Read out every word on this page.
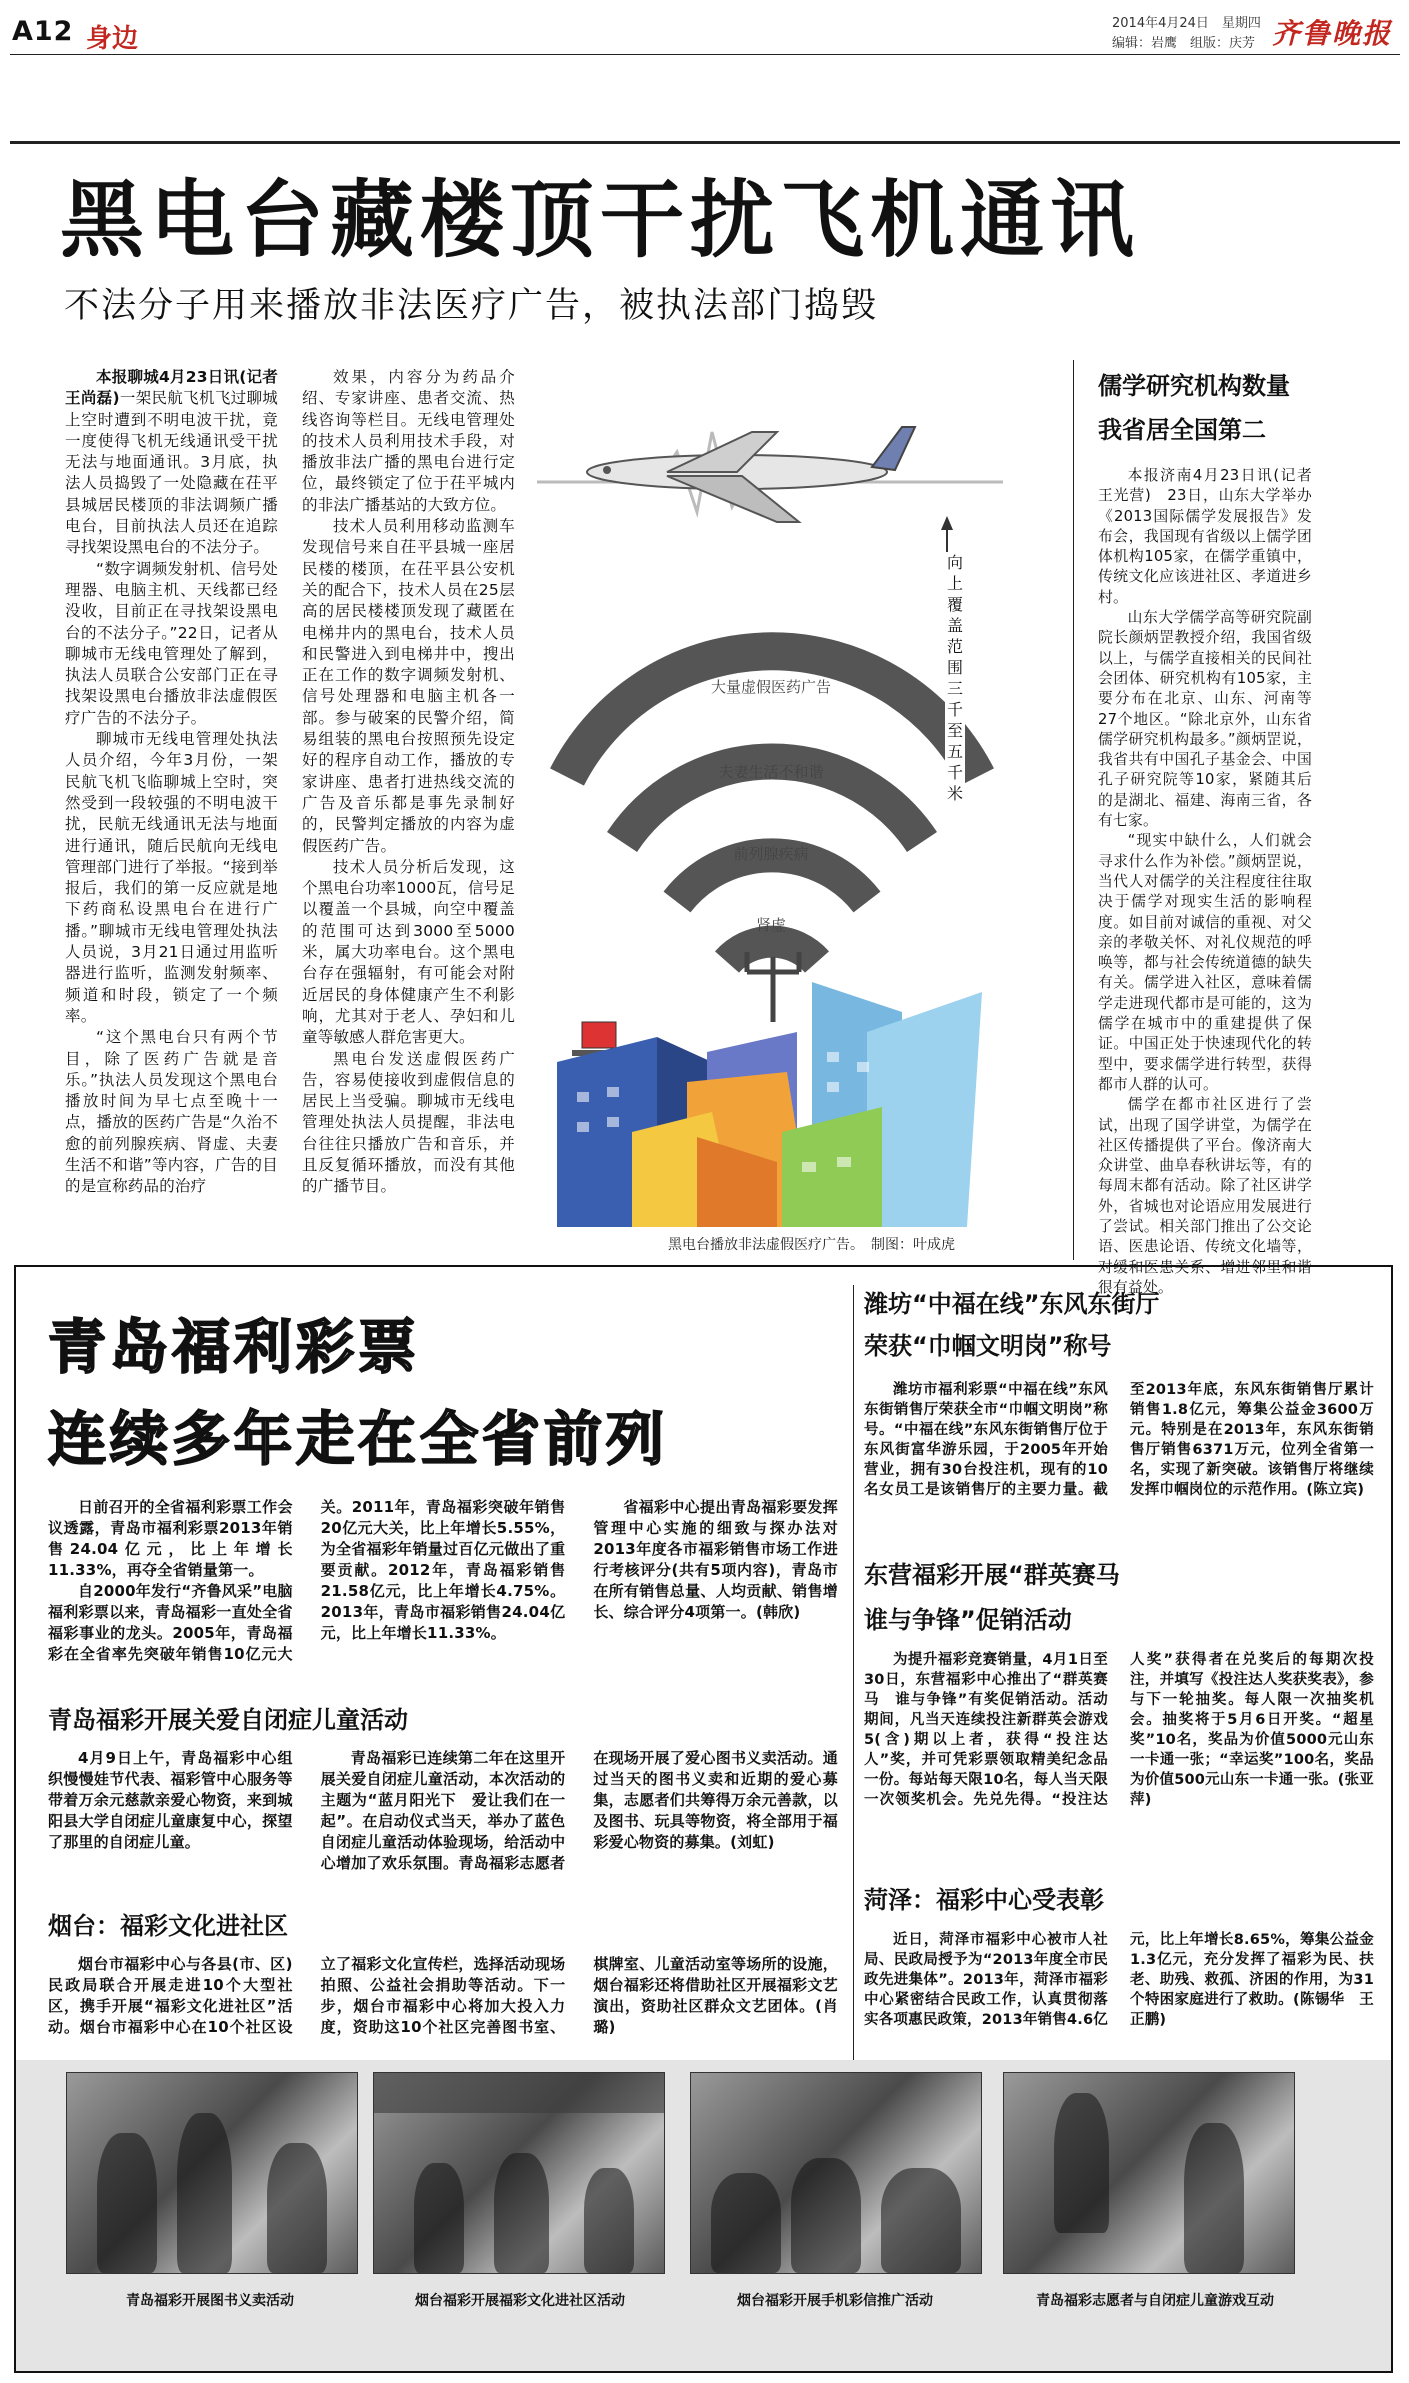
A12 身边
2014年4月24日　星期四
编辑：岩鹰　组版：庆芳 齐鲁晚报
黑电台藏楼顶干扰飞机通讯
不法分子用来播放非法医疗广告，被执法部门捣毁

本报聊城4月23日讯(记者　王尚磊)一架民航飞机飞过聊城上空时遭到不明电波干扰，竟一度使得飞机无线通讯受干扰无法与地面通讯。3月底，执法人员捣毁了一处隐藏在茌平县城居民楼顶的非法调频广播电台，目前执法人员还在追踪寻找架设黑电台的不法分子。

“数字调频发射机、信号处理器、电脑主机、天线都已经没收，目前正在寻找架设黑电台的不法分子。”22日，记者从聊城市无线电管理处了解到，执法人员联合公安部门正在寻找架设黑电台播放非法虚假医疗广告的不法分子。

聊城市无线电管理处执法人员介绍，今年3月份，一架民航飞机飞临聊城上空时，突然受到一段较强的不明电波干扰，民航无线通讯无法与地面进行通讯，随后民航向无线电管理部门进行了举报。“接到举报后，我们的第一反应就是地下药商私设黑电台在进行广播。”聊城市无线电管理处执法人员说，3月21日通过用监听器进行监听，监测发射频率、频道和时段，锁定了一个频率。

“这个黑电台只有两个节目，除了医药广告就是音乐。”执法人员发现这个黑电台播放时间为早七点至晚十一点，播放的医药广告是“久治不愈的前列腺疾病、肾虚、夫妻生活不和谐”等内容，广告的目的是宣称药品的治疗

效果，内容分为药品介绍、专家讲座、患者交流、热线咨询等栏目。无线电管理处的技术人员利用技术手段，对播放非法广播的黑电台进行定位，最终锁定了位于茌平城内的非法广播基站的大致方位。

技术人员利用移动监测车发现信号来自茌平县城一座居民楼的楼顶，在茌平县公安机关的配合下，技术人员在25层高的居民楼楼顶发现了藏匿在电梯井内的黑电台，技术人员和民警进入到电梯井中，搜出正在工作的数字调频发射机、信号处理器和电脑主机各一部。参与破案的民警介绍，简易组装的黑电台按照预先设定好的程序自动工作，播放的专家讲座、患者打进热线交流的广告及音乐都是事先录制好的，民警判定播放的内容为虚假医药广告。

技术人员分析后发现，这个黑电台功率1000瓦，信号足以覆盖一个县城，向空中覆盖的范围可达到3000至5000米，属大功率电台。这个黑电台存在强辐射，有可能会对附近居民的身体健康产生不利影响，尤其对于老人、孕妇和儿童等敏感人群危害更大。

黑电台发送虚假医药广告，容易使接收到虚假信息的居民上当受骗。聊城市无线电管理处执法人员提醒，非法电台往往只播放广告和音乐，并且反复循环播放，而没有其他的广播节目。

大量虚假医药广告
夫妻生活不和谐
前列腺疾病
肾虚
向上覆盖范围三千至五千米
黑电台播放非法虚假医疗广告。　制图：叶成虎
儒学研究机构数量
我省居全国第二

本报济南4月23日讯(记者　王光营)　23日，山东大学举办《2013国际儒学发展报告》发布会，我国现有省级以上儒学团体机构105家，在儒学重镇中，传统文化应该进社区、孝道进乡村。

山东大学儒学高等研究院副院长颜炳罡教授介绍，我国省级以上，与儒学直接相关的民间社会团体、研究机构有105家，主要分布在北京、山东、河南等27个地区。“除北京外，山东省儒学研究机构最多。”颜炳罡说，我省共有中国孔子基金会、中国孔子研究院等10家，紧随其后的是湖北、福建、海南三省，各有七家。

“现实中缺什么，人们就会寻求什么作为补偿。”颜炳罡说，当代人对儒学的关注程度往往取决于儒学对现实生活的影响程度。如目前对诚信的重视、对父亲的孝敬关怀、对礼仪规范的呼唤等，都与社会传统道德的缺失有关。儒学进入社区，意味着儒学走进现代都市是可能的，这为儒学在城市中的重建提供了保证。中国正处于快速现代化的转型中，要求儒学进行转型，获得都市人群的认可。

儒学在都市社区进行了尝试，出现了国学讲堂，为儒学在社区传播提供了平台。像济南大众讲堂、曲阜春秋讲坛等，有的每周末都有活动。除了社区讲学外，省城也对论语应用发展进行了尝试。相关部门推出了公交论语、医患论语、传统文化墙等，对缓和医患关系、增进邻里和谐很有益处。

青岛福利彩票
连续多年走在全省前列

日前召开的全省福利彩票工作会议透露，青岛市福利彩票2013年销售24.04亿元，比上年增长11.33%，再夺全省销量第一。

自2000年发行“齐鲁风采”电脑福利彩票以来，青岛福彩一直处全省福彩事业的龙头。2005年，青岛福彩在全省率先突破年销售10亿元大关。2011年，青岛福彩突破年销售20亿元大关，比上年增长5.55%，为全省福彩年销量过百亿元做出了重要贡献。2012年，青岛福彩销售21.58亿元，比上年增长4.75%。2013年，青岛市福彩销售24.04亿元，比上年增长11.33%。

省福彩中心提出青岛福彩要发挥管理中心实施的细致与探办法对2013年度各市福彩销售市场工作进行考核评分(共有5项内容)，青岛市在所有销售总量、人均贡献、销售增长、综合评分4项第一。(韩欣)

青岛福彩开展关爱自闭症儿童活动

4月9日上午，青岛福彩中心组织慢慢娃节代表、福彩管中心服务等带着万余元慈款亲爱心物资，来到城阳县大学自闭症儿童康复中心，探望了那里的自闭症儿童。

青岛福彩已连续第二年在这里开展关爱自闭症儿童活动，本次活动的主题为“蓝月阳光下　爱让我们在一起”。在启动仪式当天，举办了蓝色自闭症儿童活动体验现场，给活动中心增加了欢乐氛围。青岛福彩志愿者在现场开展了爱心图书义卖活动。通过当天的图书义卖和近期的爱心募集，志愿者们共筹得万余元善款，以及图书、玩具等物资，将全部用于福彩爱心物资的募集。(刘虹)

烟台：福彩文化进社区

烟台市福彩中心与各县(市、区)民政局联合开展走进10个大型社区，携手开展“福彩文化进社区”活动。烟台市福彩中心在10个社区设立了福彩文化宣传栏，选择活动现场拍照、公益社会捐助等活动。下一步，烟台市福彩中心将加大投入力度，资助这10个社区完善图书室、棋牌室、儿童活动室等场所的设施，烟台福彩还将借助社区开展福彩文艺演出，资助社区群众文艺团体。(肖璐)

潍坊“中福在线”东风东街厅
荣获“巾帼文明岗”称号

潍坊市福利彩票“中福在线”东风东街销售厅荣获全市“巾帼文明岗”称号。“中福在线”东风东街销售厅位于东风街富华游乐园，于2005年开始营业，拥有30台投注机，现有的10名女员工是该销售厅的主要力量。截至2013年底，东风东街销售厅累计销售1.8亿元，筹集公益金3600万元。特别是在2013年，东风东街销售厅销售6371万元，位列全省第一名，实现了新突破。该销售厅将继续发挥巾帼岗位的示范作用。(陈立宾)

东营福彩开展“群英赛马
谁与争锋”促销活动

为提升福彩竞赛销量，4月1日至30日，东营福彩中心推出了“群英赛马　谁与争锋”有奖促销活动。活动期间，凡当天连续投注新群英会游戏5(含)期以上者，获得“投注达人”奖，并可凭彩票领取精美纪念品一份。每站每天限10名，每人当天限一次领奖机会。先兑先得。“投注达人奖”获得者在兑奖后的每期次投注，并填写《投注达人奖获奖表》，参与下一轮抽奖。每人限一次抽奖机会。抽奖将于5月6日开奖。“超星奖”10名，奖品为价值5000元山东一卡通一张；“幸运奖”100名，奖品为价值500元山东一卡通一张。(张亚萍)

菏泽：福彩中心受表彰

近日，菏泽市福彩中心被市人社局、民政局授予为“2013年度全市民政先进集体”。2013年，菏泽市福彩中心紧密结合民政工作，认真贯彻落实各项惠民政策，2013年销售4.6亿元，比上年增长8.65%，筹集公益金1.3亿元，充分发挥了福彩为民、扶老、助残、救孤、济困的作用，为31个特困家庭进行了救助。(陈锡华　王正鹏)

青岛福彩开展图书义卖活动	烟台福彩开展福彩文化进社区活动	烟台福彩开展手机彩信推广活动	青岛福彩志愿者与自闭症儿童游戏互动
